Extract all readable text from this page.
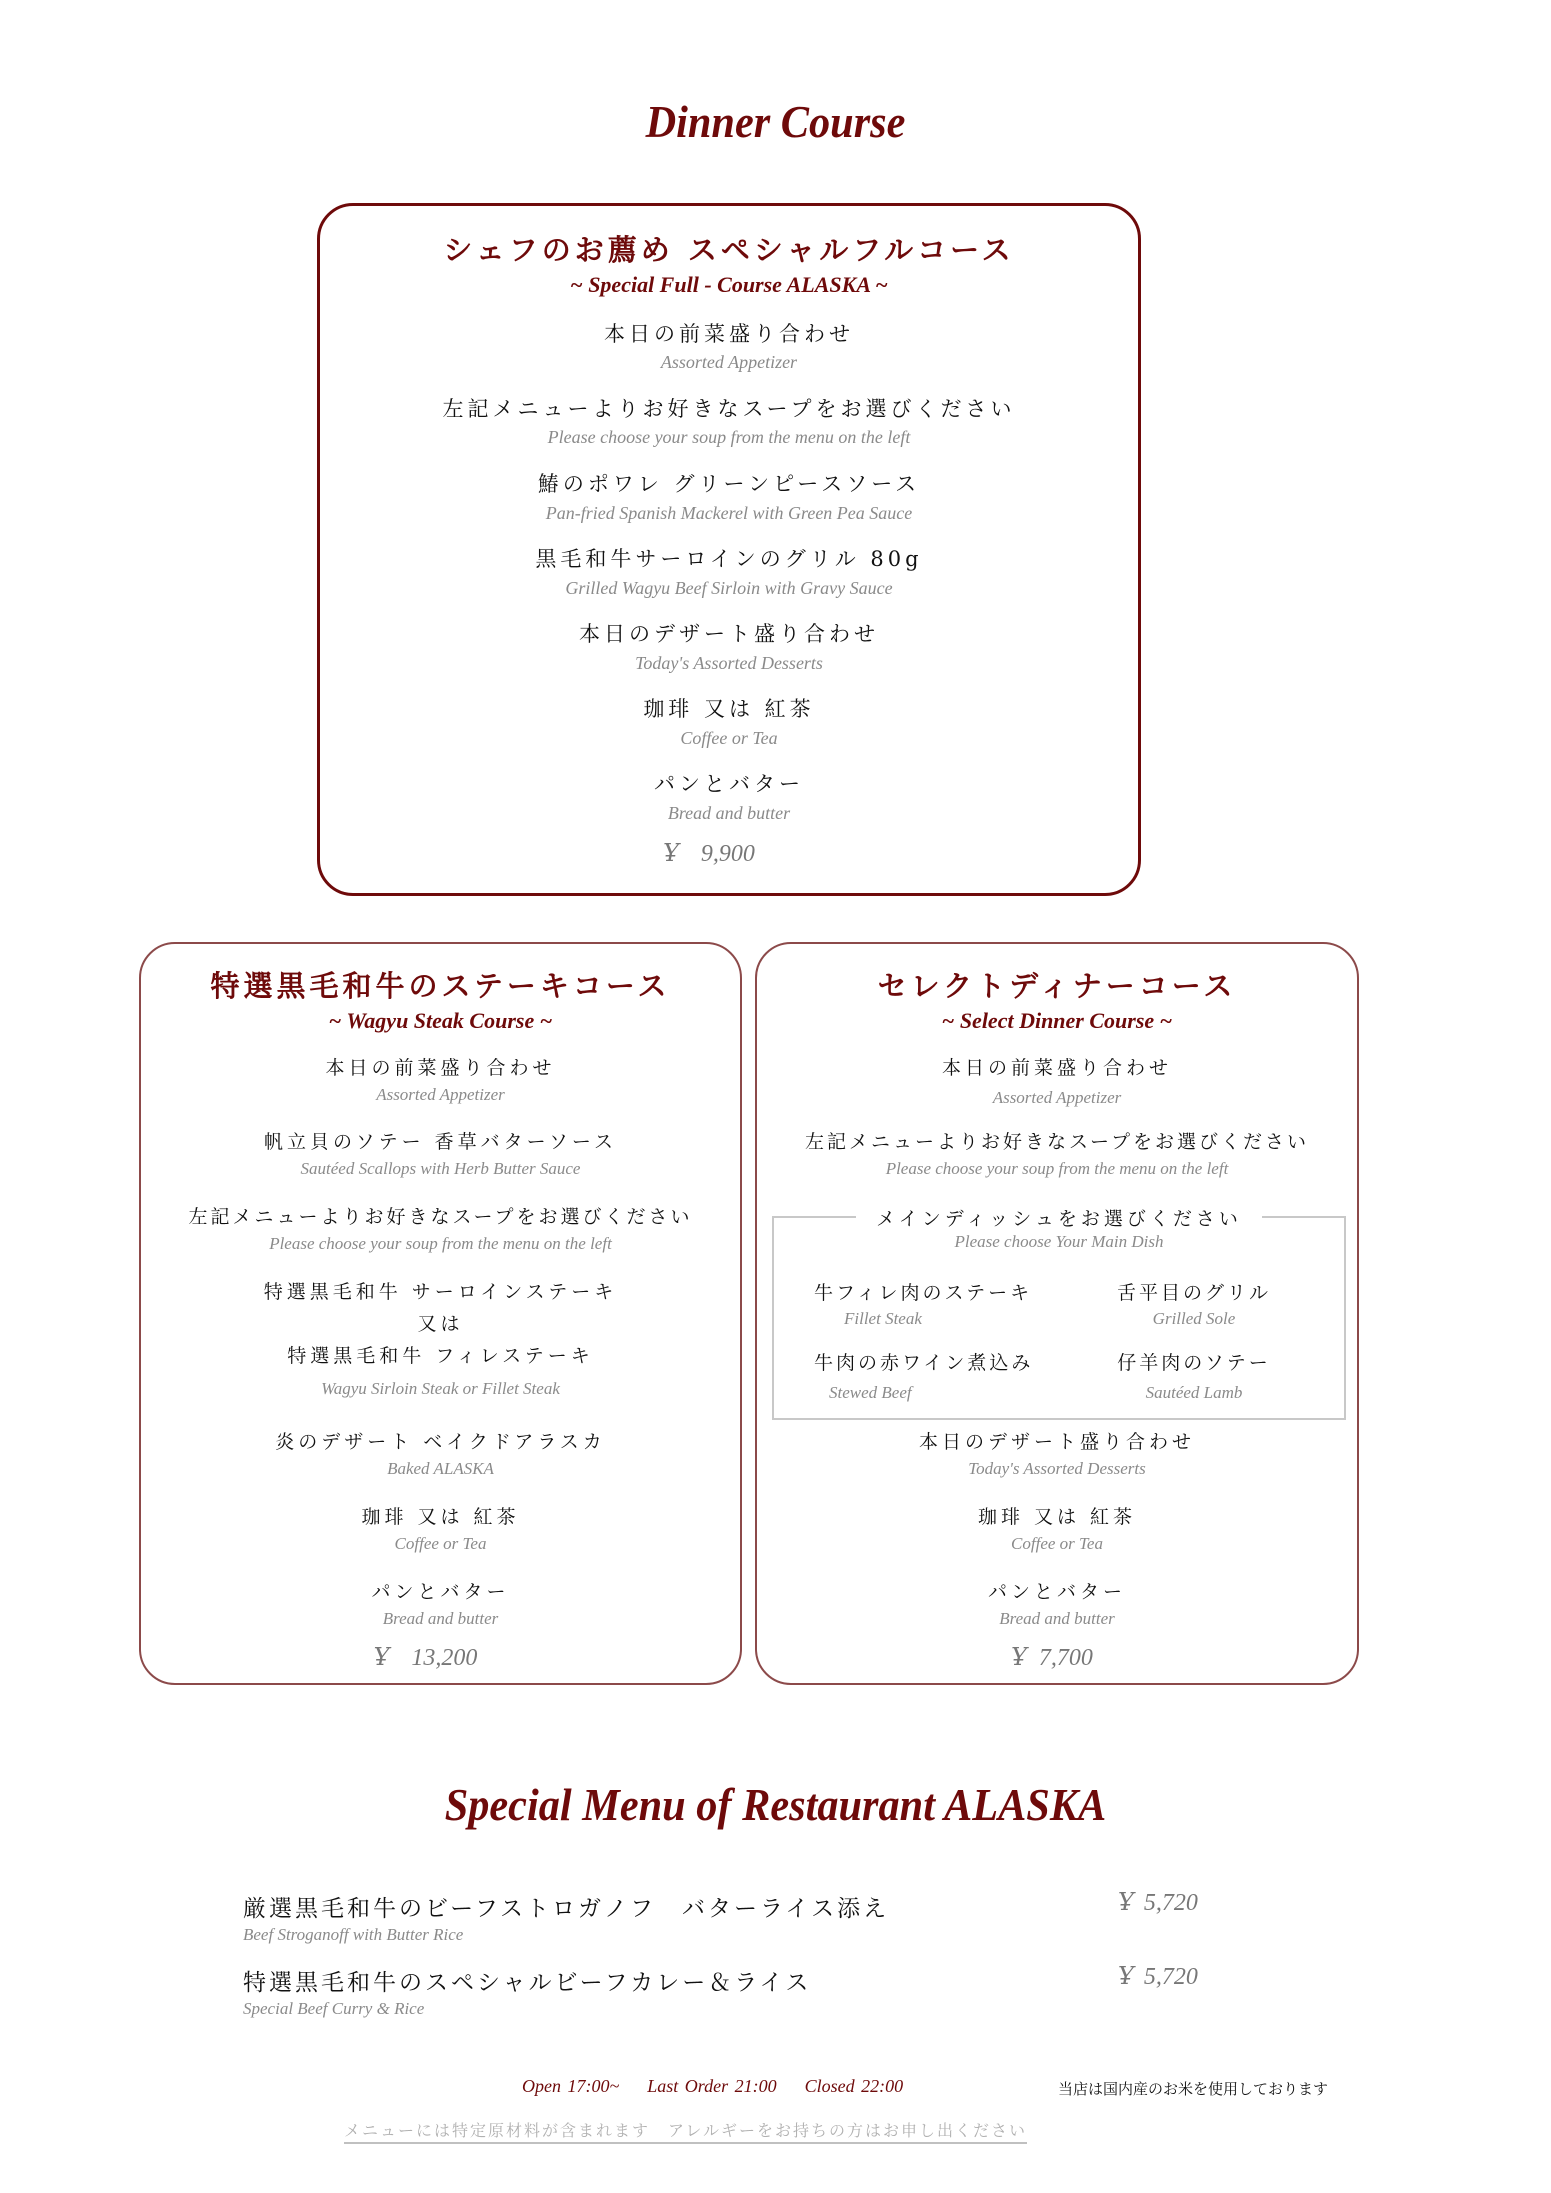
Dinner Course
シェフのお薦め スペシャルフルコース
~ Special Full - Course ALASKA ~
本日の前菜盛り合わせ
Assorted Appetizer
左記メニューよりお好きなスープをお選びください
Please choose your soup from the menu on the left
鰆のポワレ グリーンピースソース
Pan-fried Spanish Mackerel with Green Pea Sauce
黒毛和牛サーロインのグリル 80g
Grilled Wagyu Beef Sirloin with Gravy Sauce
本日のデザート盛り合わせ
Today's Assorted Desserts
珈琲 又は 紅茶
Coffee or Tea
パンとバター
Bread and butter
Ұ 9,900
特選黒毛和牛のステーキコース
~ Wagyu Steak Course ~
本日の前菜盛り合わせ
Assorted Appetizer
帆立貝のソテー 香草バターソース
Sautéed Scallops with Herb Butter Sauce
左記メニューよりお好きなスープをお選びください
Please choose your soup from the menu on the left
特選黒毛和牛 サーロインステーキ
又は
特選黒毛和牛 フィレステーキ
Wagyu Sirloin Steak or Fillet Steak
炎のデザート ベイクドアラスカ
Baked ALASKA
珈琲 又は 紅茶
Coffee or Tea
パンとバター
Bread and butter
Ұ 13,200
セレクトディナーコース
~ Select Dinner Course ~
本日の前菜盛り合わせ
Assorted Appetizer
左記メニューよりお好きなスープをお選びください
Please choose your soup from the menu on the left
メインディッシュをお選びください
Please choose Your Main Dish
牛フィレ肉のステーキ
Fillet Steak
舌平目のグリル
Grilled Sole
牛肉の赤ワイン煮込み
Stewed Beef
仔羊肉のソテー
Sautéed Lamb
本日のデザート盛り合わせ
Today's Assorted Desserts
珈琲 又は 紅茶
Coffee or Tea
パンとバター
Bread and butter
Ұ 7,700
Special Menu of Restaurant ALASKA
厳選黒毛和牛のビーフストロガノフ　バターライス添え
Beef Stroganoff with Butter Rice
Ұ 5,720
特選黒毛和牛のスペシャルビーフカレー＆ライス
Special Beef Curry & Rice
Ұ 5,720
Open 17:00~ Last Order 21:00 Closed 22:00	当店は国内産のお米を使用しております
メニューには特定原材料が含まれます　アレルギーをお持ちの方はお申し出ください
